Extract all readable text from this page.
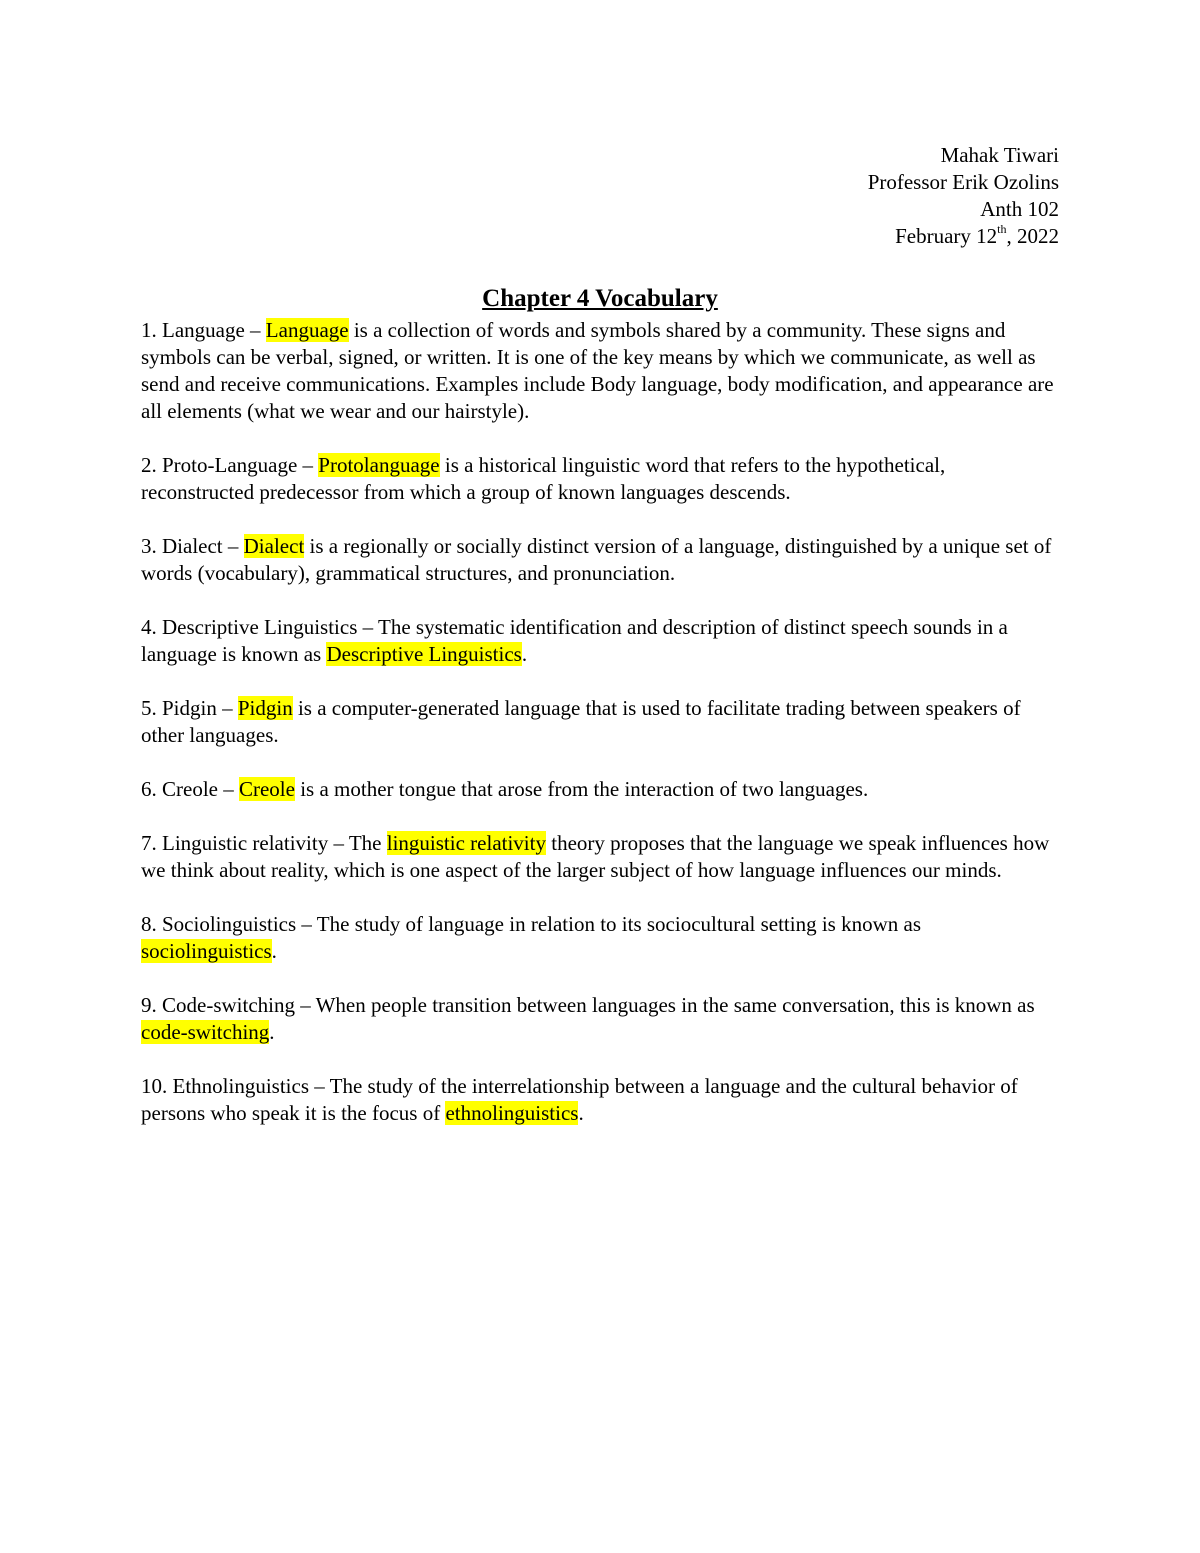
Mahak Tiwari
Professor Erik Ozolins
Anth 102
February 12th, 2022
Chapter 4 Vocabulary

1. Language – Language is a collection of words and symbols shared by a community. These signs and symbols can be verbal, signed, or written. It is one of the key means by which we communicate, as well as send and receive communications. Examples include Body language, body modification, and appearance are all elements (what we wear and our hairstyle).

2. Proto-Language – Protolanguage is a historical linguistic word that refers to the hypothetical, reconstructed predecessor from which a group of known languages descends.

3. Dialect – Dialect is a regionally or socially distinct version of a language, distinguished by a unique set of words (vocabulary), grammatical structures, and pronunciation.

4. Descriptive Linguistics – The systematic identification and description of distinct speech sounds in a language is known as Descriptive Linguistics.

5. Pidgin – Pidgin is a computer-generated language that is used to facilitate trading between speakers of other languages.

6. Creole – Creole is a mother tongue that arose from the interaction of two languages.

7. Linguistic relativity – The linguistic relativity theory proposes that the language we speak influences how we think about reality, which is one aspect of the larger subject of how language influences our minds.

8. Sociolinguistics – The study of language in relation to its sociocultural setting is known as sociolinguistics.

9. Code-switching – When people transition between languages in the same conversation, this is known as code-switching.

10. Ethnolinguistics – The study of the interrelationship between a language and the cultural behavior of persons who speak it is the focus of ethnolinguistics.
